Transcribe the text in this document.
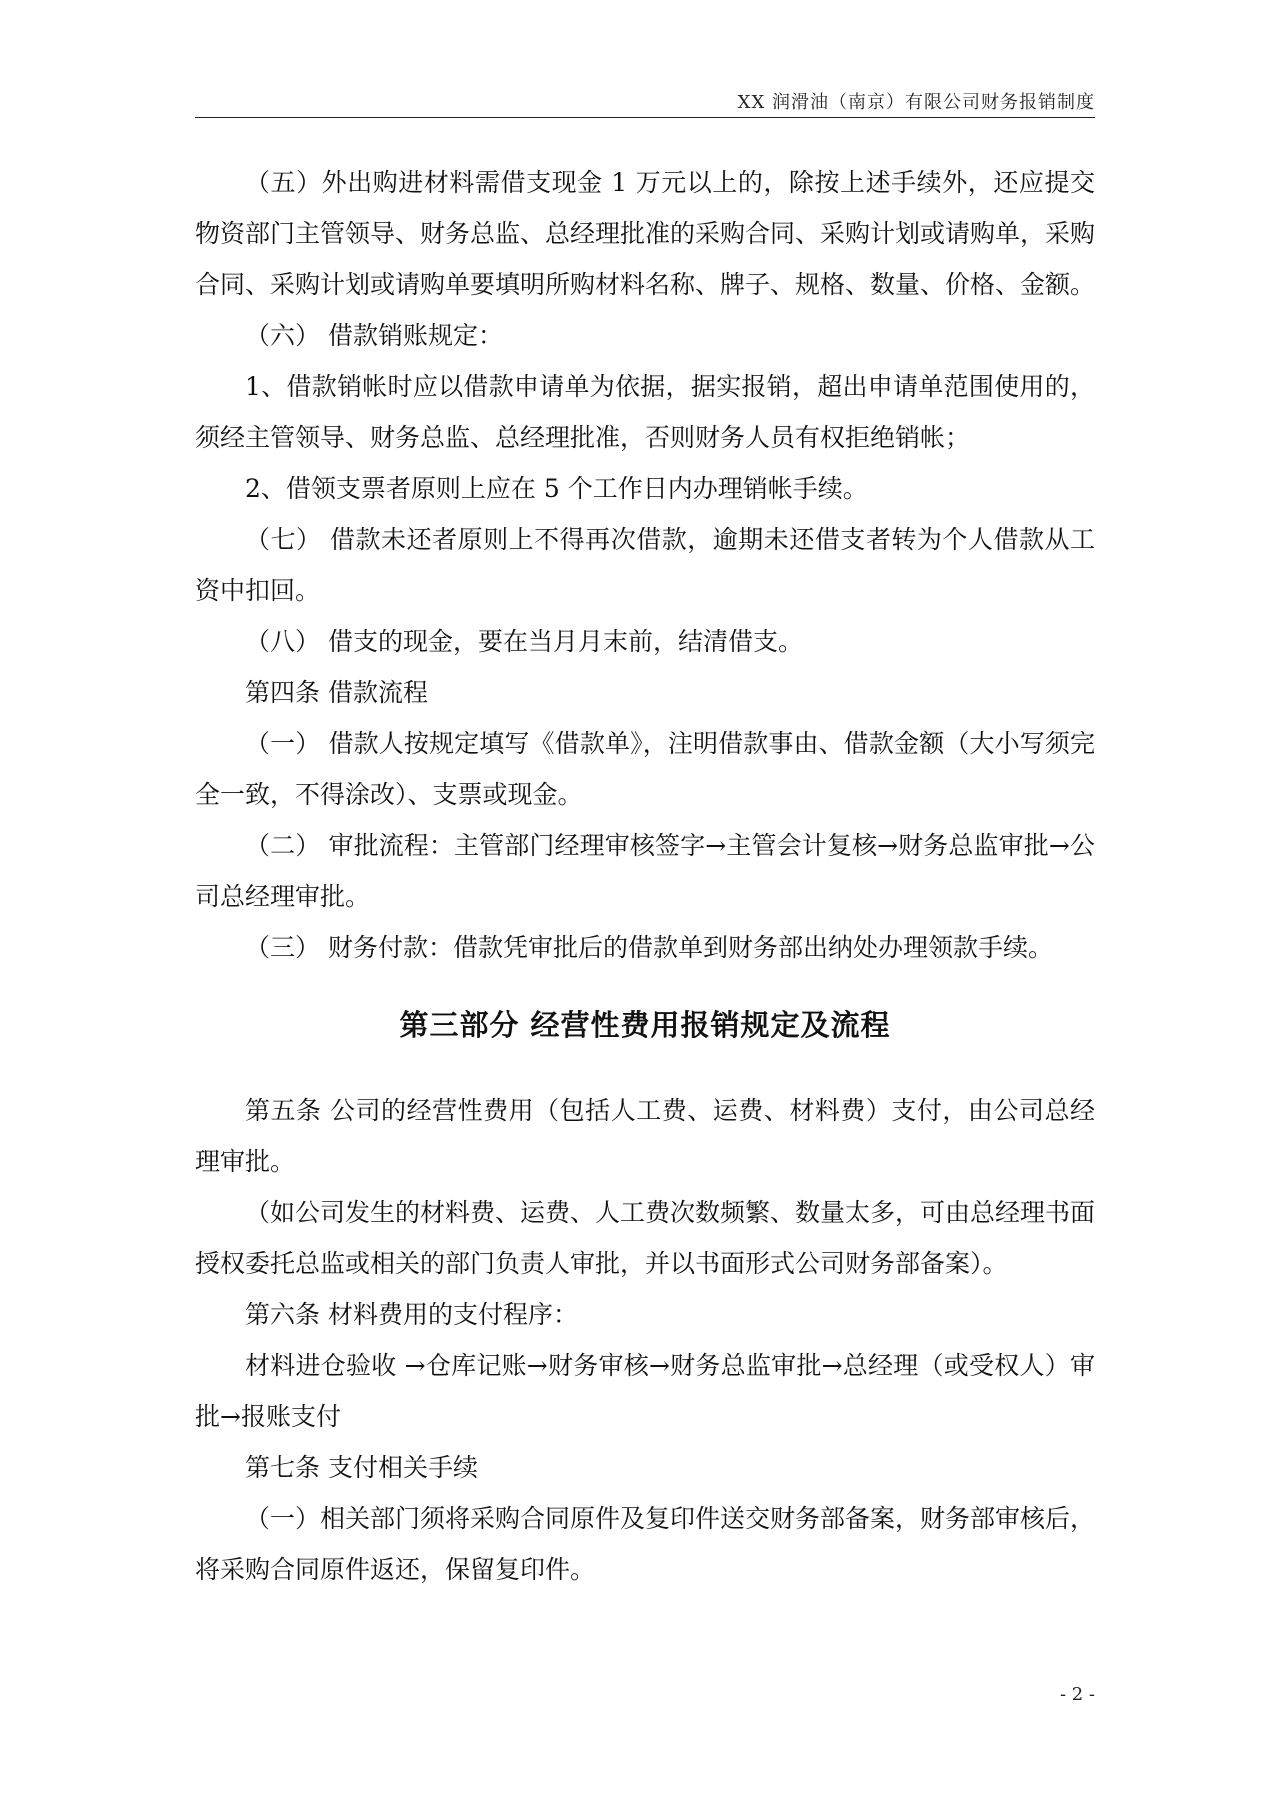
XX 润滑油（南京）有限公司财务报销制度

（五）外出购进材料需借支现金 1 万元以上的，除按上述手续外，还应提交物资部门主管领导、财务总监、总经理批准的采购合同、采购计划或请购单，采购合同、采购计划或请购单要填明所购材料名称、牌子、规格、数量、价格、金额。

（六） 借款销账规定：

1、借款销帐时应以借款申请单为依据，据实报销，超出申请单范围使用的，须经主管领导、财务总监、总经理批准，否则财务人员有权拒绝销帐；

2、借领支票者原则上应在 5 个工作日内办理销帐手续。

（七） 借款未还者原则上不得再次借款，逾期未还借支者转为个人借款从工资中扣回。

（八） 借支的现金，要在当月月末前，结清借支。

第四条 借款流程

（一） 借款人按规定填写《借款单》，注明借款事由、借款金额（大小写须完全一致，不得涂改）、支票或现金。

（二） 审批流程：主管部门经理审核签字→主管会计复核→财务总监审批→公司总经理审批。

（三） 财务付款：借款凭审批后的借款单到财务部出纳处办理领款手续。

第三部分 经营性费用报销规定及流程

第五条 公司的经营性费用（包括人工费、运费、材料费）支付，由公司总经理审批。

（如公司发生的材料费、运费、人工费次数频繁、数量太多，可由总经理书面授权委托总监或相关的部门负责人审批，并以书面形式公司财务部备案）。

第六条 材料费用的支付程序：

材料进仓验收 →仓库记账→财务审核→财务总监审批→总经理（或受权人）审批→报账支付

第七条 支付相关手续

（一）相关部门须将采购合同原件及复印件送交财务部备案，财务部审核后，将采购合同原件返还，保留复印件。

- 2 -
